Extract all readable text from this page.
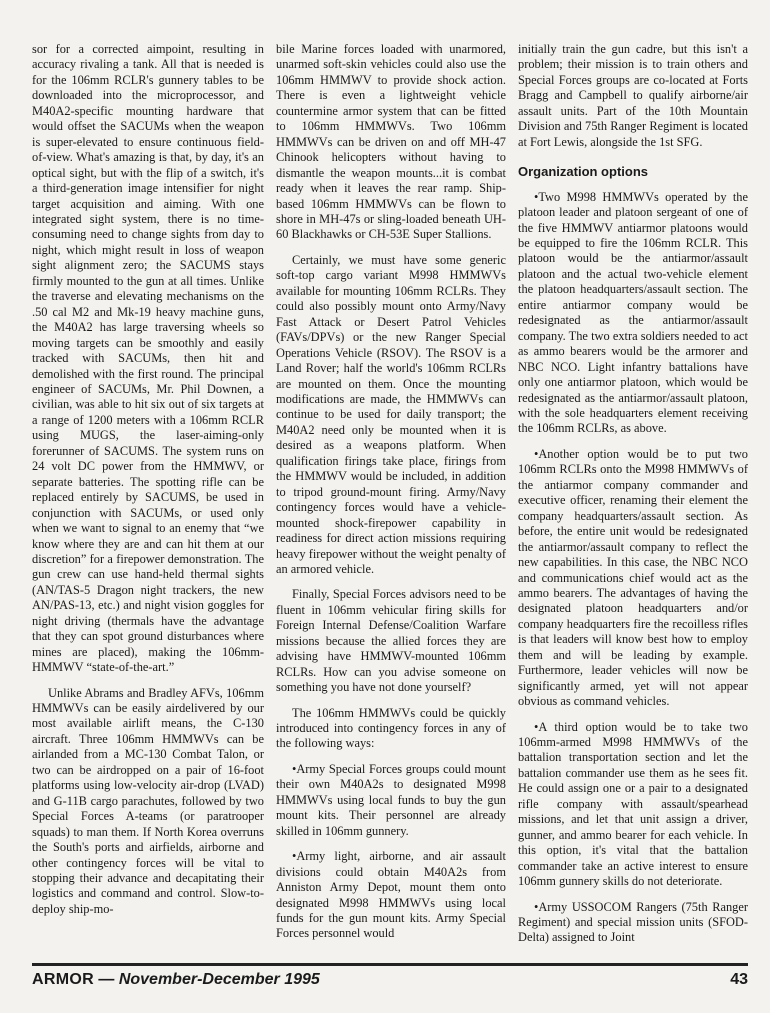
sor for a corrected aimpoint, resulting in accuracy rivaling a tank. All that is needed is for the 106mm RCLR's gunnery tables to be downloaded into the microprocessor, and M40A2-specific mounting hardware that would offset the SACUMs when the weapon is super-elevated to ensure continuous field-of-view. What's amazing is that, by day, it's an optical sight, but with the flip of a switch, it's a third-generation image intensifier for night target acquisition and aiming. With one integrated sight system, there is no time-consuming need to change sights from day to night, which might result in loss of weapon sight alignment zero; the SACUMS stays firmly mounted to the gun at all times. Unlike the traverse and elevating mechanisms on the .50 cal M2 and Mk-19 heavy machine guns, the M40A2 has large traversing wheels so moving targets can be smoothly and easily tracked with SACUMs, then hit and demolished with the first round. The principal engineer of SACUMs, Mr. Phil Downen, a civilian, was able to hit six out of six targets at a range of 1200 meters with a 106mm RCLR using MUGS, the laser-aiming-only forerunner of SACUMS. The system runs on 24 volt DC power from the HMMWV, or separate batteries. The spotting rifle can be replaced entirely by SACUMS, be used in conjunction with SACUMs, or used only when we want to signal to an enemy that “we know where they are and can hit them at our discretion” for a firepower demonstration. The gun crew can use hand-held thermal sights (AN/TAS-5 Dragon night trackers, the new AN/PAS-13, etc.) and night vision goggles for night driving (thermals have the advantage that they can spot ground disturbances where mines are placed), making the 106mm-HMMWV “state-of-the-art.”

Unlike Abrams and Bradley AFVs, 106mm HMMWVs can be easily airdelivered by our most available airlift means, the C-130 aircraft. Three 106mm HMMWVs can be airlanded from a MC-130 Combat Talon, or two can be airdropped on a pair of 16-foot platforms using low-velocity air-drop (LVAD) and G-11B cargo parachutes, followed by two Special Forces A-teams (or paratrooper squads) to man them. If North Korea overruns the South's ports and airfields, airborne and other contingency forces will be vital to stopping their advance and decapitating their logistics and command and control. Slow-to-deploy ship-mo-

bile Marine forces loaded with unarmored, unarmed soft-skin vehicles could also use the 106mm HMMWV to provide shock action. There is even a lightweight vehicle countermine armor system that can be fitted to 106mm HMMWVs. Two 106mm HMMWVs can be driven on and off MH-47 Chinook helicopters without having to dismantle the weapon mounts...it is combat ready when it leaves the rear ramp. Ship-based 106mm HMMWVs can be flown to shore in MH-47s or sling-loaded beneath UH-60 Blackhawks or CH-53E Super Stallions.

Certainly, we must have some generic soft-top cargo variant M998 HMMWVs available for mounting 106mm RCLRs. They could also possibly mount onto Army/Navy Fast Attack or Desert Patrol Vehicles (FAVs/DPVs) or the new Ranger Special Operations Vehicle (RSOV). The RSOV is a Land Rover; half the world's 106mm RCLRs are mounted on them. Once the mounting modifications are made, the HMMWVs can continue to be used for daily transport; the M40A2 need only be mounted when it is desired as a weapons platform. When qualification firings take place, firings from the HMMWV would be included, in addition to tripod ground-mount firing. Army/Navy contingency forces would have a vehicle-mounted shock-firepower capability in readiness for direct action missions requiring heavy firepower without the weight penalty of an armored vehicle.

Finally, Special Forces advisors need to be fluent in 106mm vehicular firing skills for Foreign Internal Defense/Coalition Warfare missions because the allied forces they are advising have HMMWV-mounted 106mm RCLRs. How can you advise someone on something you have not done yourself?

The 106mm HMMWVs could be quickly introduced into contingency forces in any of the following ways:

•Army Special Forces groups could mount their own M40A2s to designated M998 HMMWVs using local funds to buy the gun mount kits. Their personnel are already skilled in 106mm gunnery.

•Army light, airborne, and air assault divisions could obtain M40A2s from Anniston Army Depot, mount them onto designated M998 HMMWVs using local funds for the gun mount kits. Army Special Forces personnel would

initially train the gun cadre, but this isn't a problem; their mission is to train others and Special Forces groups are co-located at Forts Bragg and Campbell to qualify airborne/air assault units. Part of the 10th Mountain Division and 75th Ranger Regiment is located at Fort Lewis, alongside the 1st SFG.

Organization options

•Two M998 HMMWVs operated by the platoon leader and platoon sergeant of one of the five HMMWV antiarmor platoons would be equipped to fire the 106mm RCLR. This platoon would be the antiarmor/assault platoon and the actual two-vehicle element the platoon headquarters/assault section. The entire antiarmor company would be redesignated as the antiarmor/assault company. The two extra soldiers needed to act as ammo bearers would be the armorer and NBC NCO. Light infantry battalions have only one antiarmor platoon, which would be redesignated as the antiarmor/assault platoon, with the sole headquarters element receiving the 106mm RCLRs, as above.

•Another option would be to put two 106mm RCLRs onto the M998 HMMWVs of the antiarmor company commander and executive officer, renaming their element the company headquarters/assault section. As before, the entire unit would be redesignated the antiarmor/assault company to reflect the new capabilities. In this case, the NBC NCO and communications chief would act as the ammo bearers. The advantages of having the designated platoon headquarters and/or company headquarters fire the recoilless rifles is that leaders will know best how to employ them and will be leading by example. Furthermore, leader vehicles will now be significantly armed, yet will not appear obvious as command vehicles.

•A third option would be to take two 106mm-armed M998 HMMWVs of the battalion transportation section and let the battalion commander use them as he sees fit. He could assign one or a pair to a designated rifle company with assault/spearhead missions, and let that unit assign a driver, gunner, and ammo bearer for each vehicle. In this option, it's vital that the battalion commander take an active interest to ensure 106mm gunnery skills do not deteriorate.

•Army USSOCOM Rangers (75th Ranger Regiment) and special mission units (SFOD-Delta) assigned to Joint

ARMOR — November-December 1995	43
